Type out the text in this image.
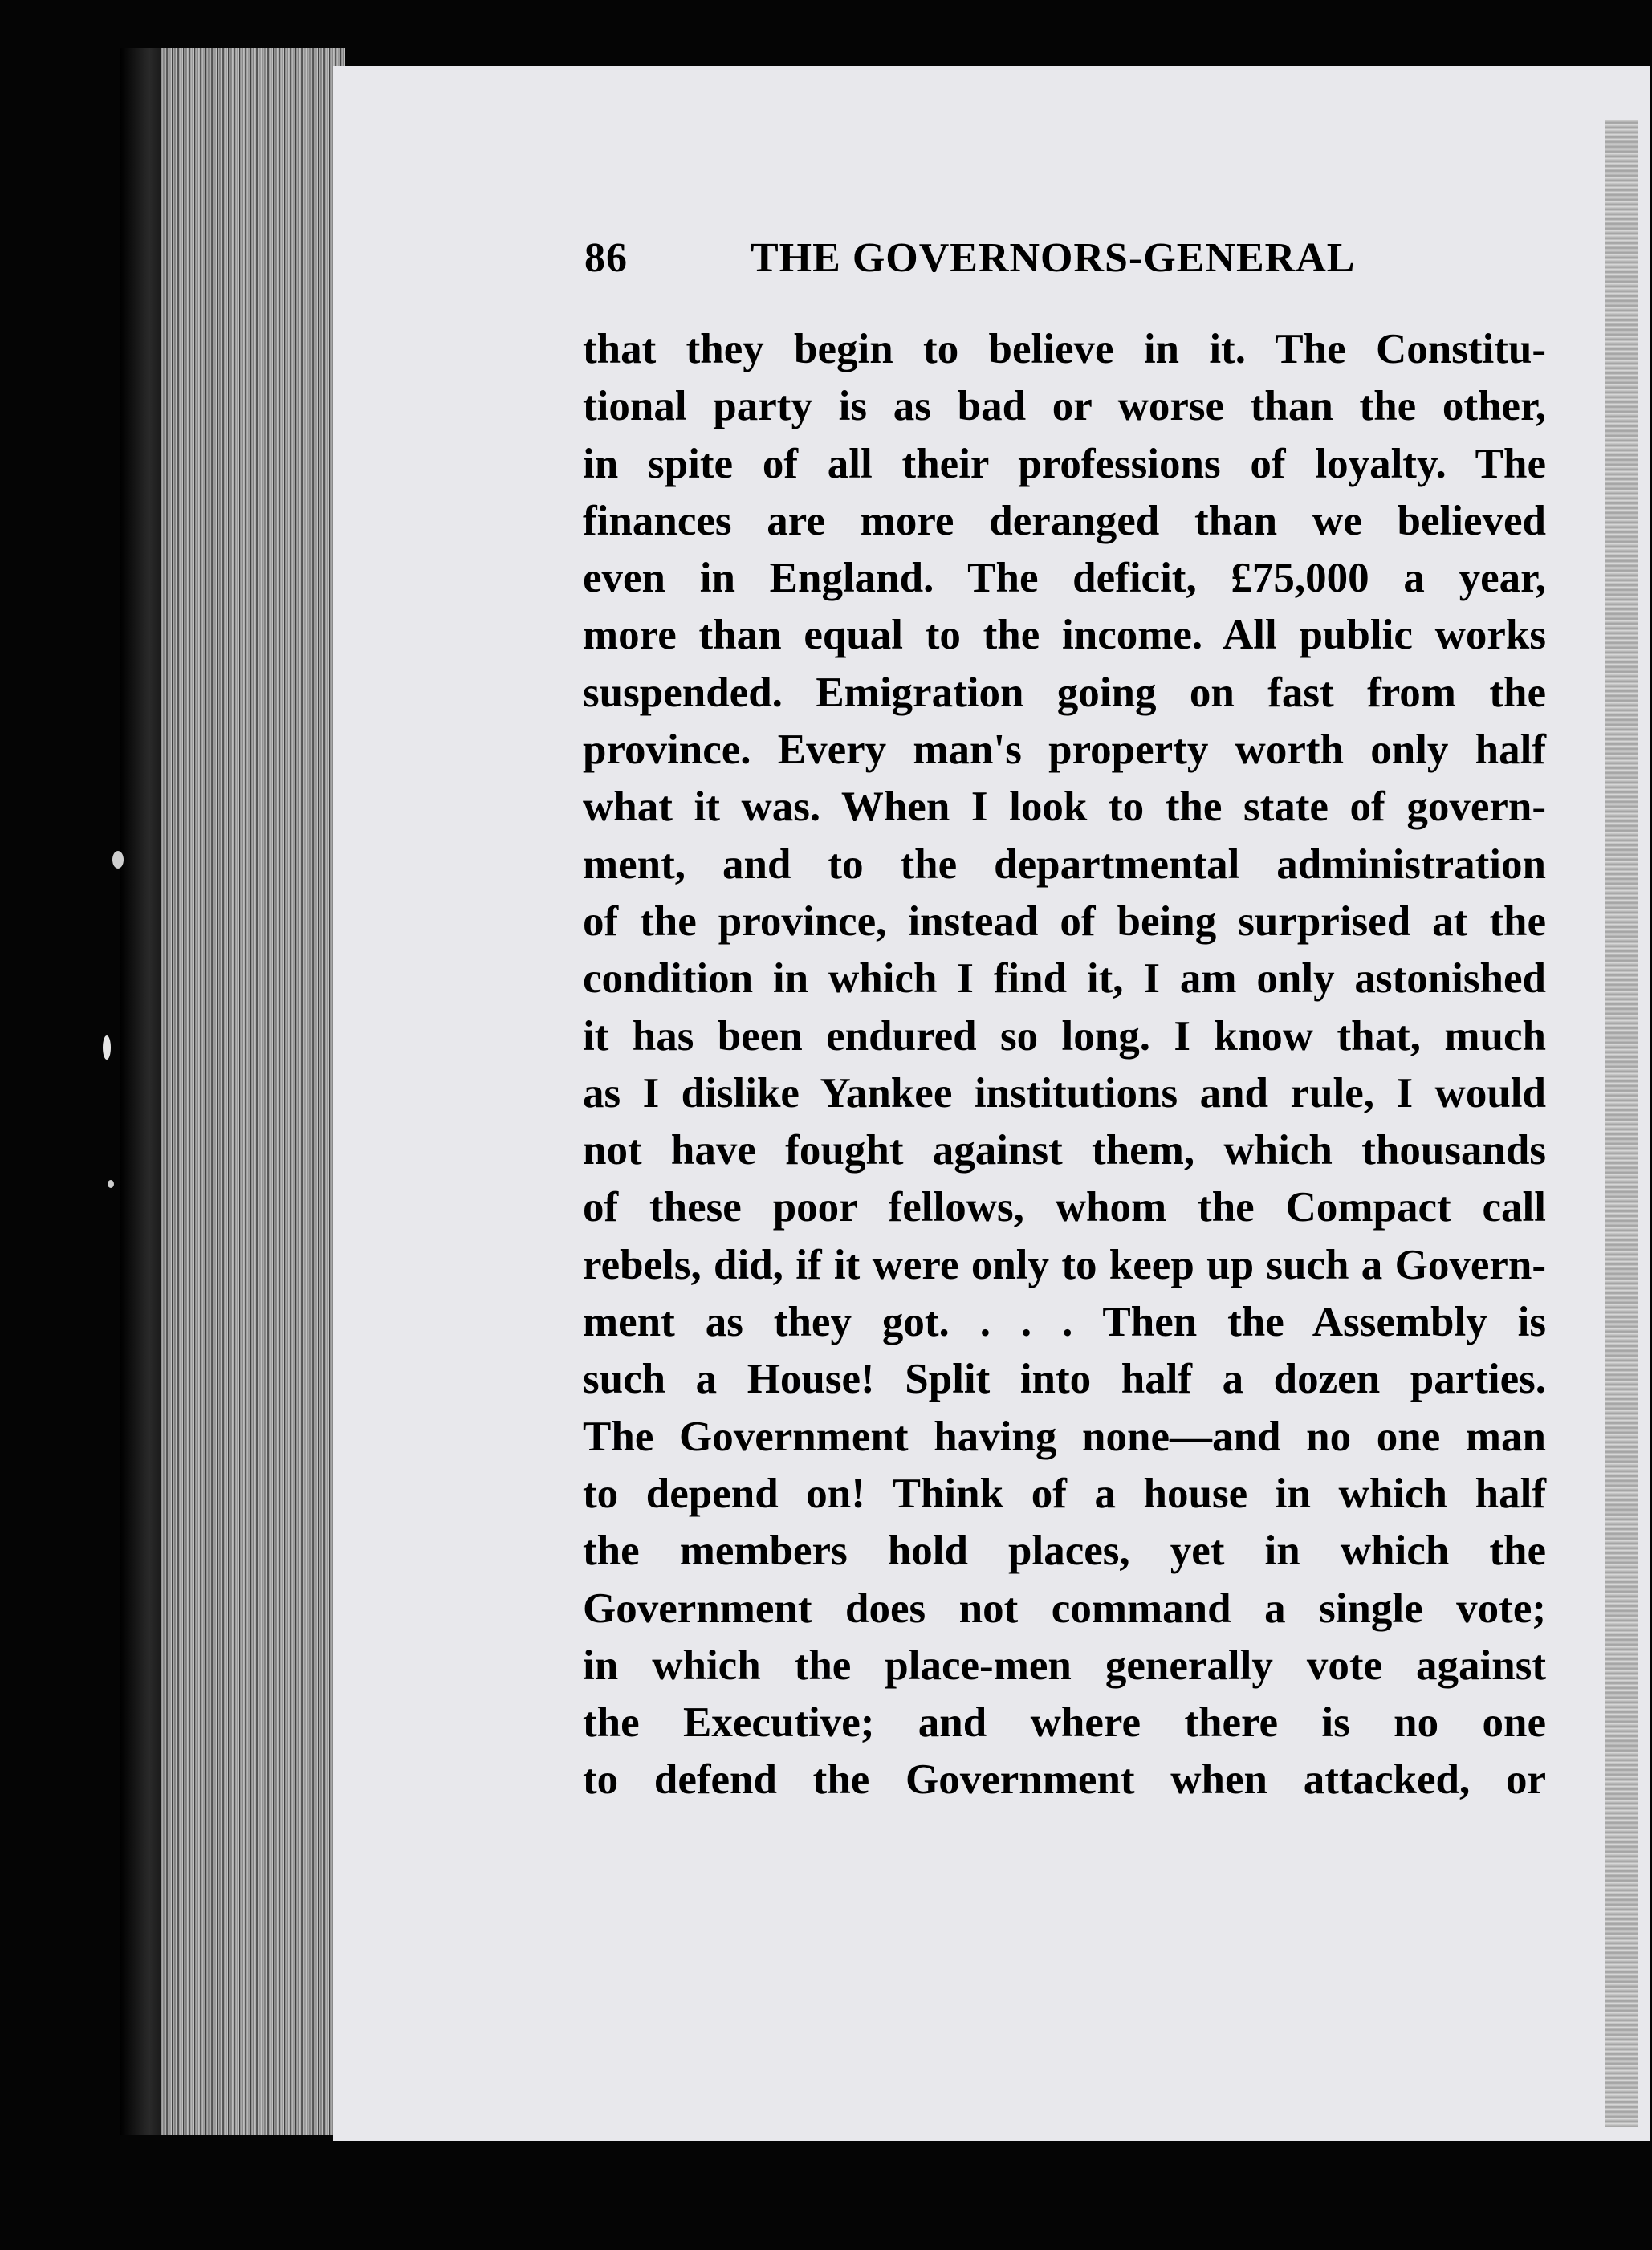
86	THE GOVERNORS-GENERAL
that they begin to believe in it. The Constitu-
tional party is as bad or worse than the other,
in spite of all their professions of loyalty. The
finances are more deranged than we believed
even in England. The deficit, £75,000 a year,
more than equal to the income. All public works
suspended. Emigration going on fast from the
province. Every man's property worth only half
what it was. When I look to the state of govern-
ment, and to the departmental administration
of the province, instead of being surprised at the
condition in which I find it, I am only astonished
it has been endured so long. I know that, much
as I dislike Yankee institutions and rule, I would
not have fought against them, which thousands
of these poor fellows, whom the Compact call
rebels, did, if it were only to keep up such a Govern-
ment as they got. . . . Then the Assembly is
such a House! Split into half a dozen parties.
The Government having none—and no one man
to depend on! Think of a house in which half
the members hold places, yet in which the
Government does not command a single vote;
in which the place-men generally vote against
the Executive; and where there is no one
to defend the Government when attacked, or
